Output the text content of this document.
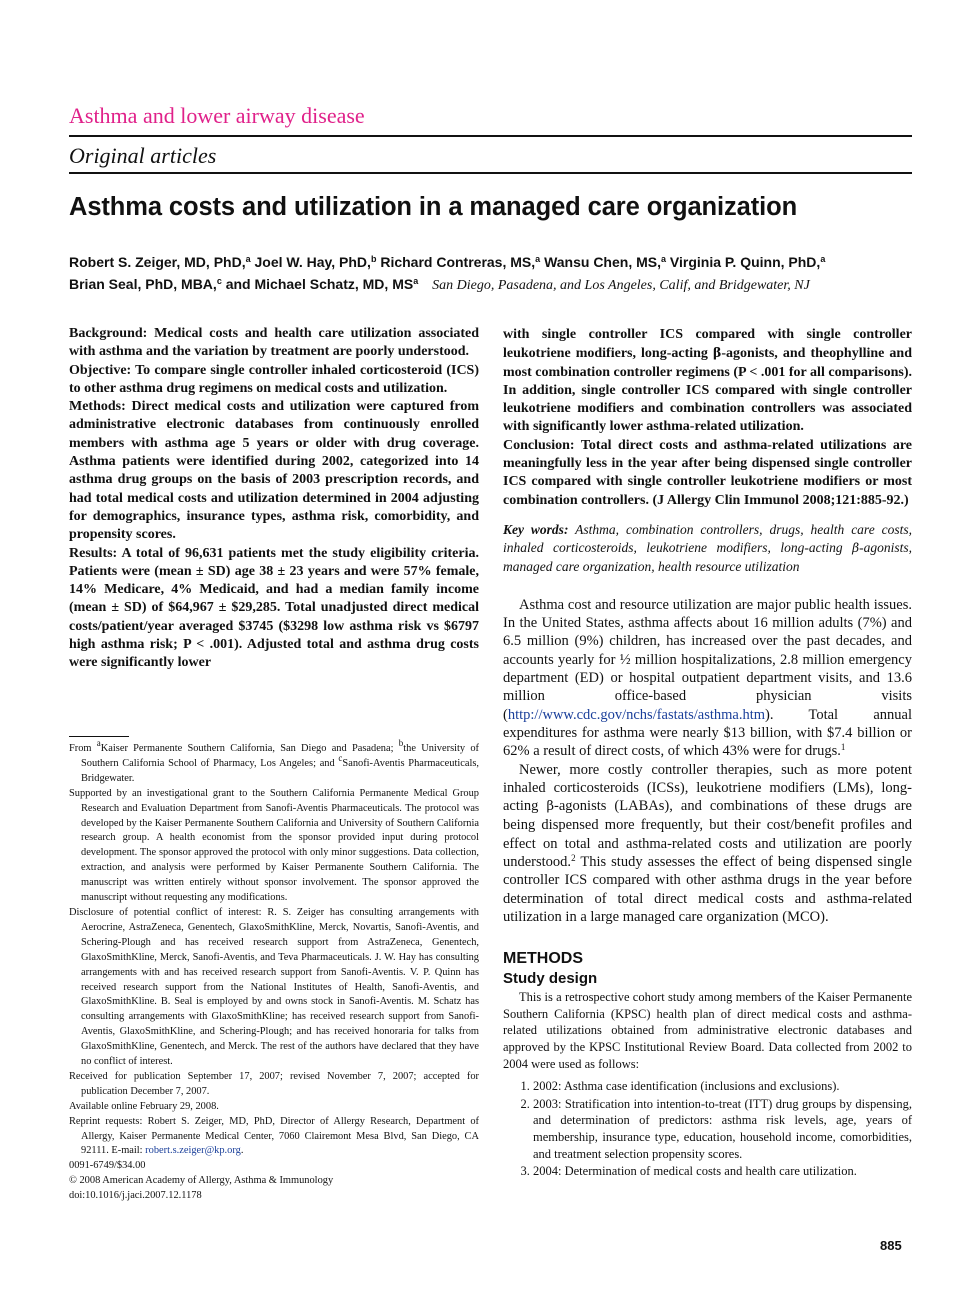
Asthma and lower airway disease
Original articles
Asthma costs and utilization in a managed care organization
Robert S. Zeiger, MD, PhD,$^a$ Joel W. Hay, PhD,$^b$ Richard Contreras, MS,$^a$ Wansu Chen, MS,$^a$ Virginia P. Quinn, PhD,$^a$
Brian Seal, PhD, MBA,$^c$ and Michael Schatz, MD, $MS^a$ San Diego, Pasadena, and Los Angeles, Calif, and Bridgewater, NJ

Background: Medical costs and health care utilization associated with asthma and the variation by treatment are poorly understood.

Objective: To compare single controller inhaled corticosteroid (ICS) to other asthma drug regimens on medical costs and utilization.

Methods: Direct medical costs and utilization were captured from administrative electronic databases from continuously enrolled members with asthma age 5 years or older with drug coverage. Asthma patients were identified during 2002, categorized into 14 asthma drug groups on the basis of 2003 prescription records, and had total medical costs and utilization determined in 2004 adjusting for demographics, insurance types, asthma risk, comorbidity, and propensity scores.

Results: A total of 96,631 patients met the study eligibility criteria. Patients were (mean ± SD) age 38 ± 23 years and were 57% female, 14% Medicare, 4% Medicaid, and had a median family income (mean ± SD) of $64,967 ± $29,285. Total unadjusted direct medical costs/patient/year averaged $3745 ($3298 low asthma risk vs $6797 high asthma risk; P < .001). Adjusted total and asthma drug costs were significantly lower

From $^a$Kaiser Permanente Southern California, San Diego and Pasadena; $^b$the University of Southern California School of Pharmacy, Los Angeles; and $^c$Sanofi-Aventis Pharmaceuticals, Bridgewater.

Supported by an investigational grant to the Southern California Permanente Medical Group Research and Evaluation Department from Sanofi-Aventis Pharmaceuticals. The protocol was developed by the Kaiser Permanente Southern California and University of Southern California research group. A health economist from the sponsor provided input during protocol development. The sponsor approved the protocol with only minor suggestions. Data collection, extraction, and analysis were performed by Kaiser Permanente Southern California. The manuscript was written entirely without sponsor involvement. The sponsor approved the manuscript without requesting any modifications.

Disclosure of potential conflict of interest: R. S. Zeiger has consulting arrangements with Aerocrine, AstraZeneca, Genentech, GlaxoSmithKline, Merck, Novartis, Sanofi-Aventis, and Schering-Plough and has received research support from AstraZeneca, Genentech, GlaxoSmithKline, Merck, Sanofi-Aventis, and Teva Pharmaceuticals. J. W. Hay has consulting arrangements with and has received research support from Sanofi-Aventis. V. P. Quinn has received research support from the National Institutes of Health, Sanofi-Aventis, and GlaxoSmithKline. B. Seal is employed by and owns stock in Sanofi-Aventis. M. Schatz has consulting arrangements with GlaxoSmithKline; has received research support from Sanofi-Aventis, GlaxoSmithKline, and Schering-Plough; and has received honoraria for talks from GlaxoSmithKline, Genentech, and Merck. The rest of the authors have declared that they have no conflict of interest.

Received for publication September 17, 2007; revised November 7, 2007; accepted for publication December 7, 2007.

Available online February 29, 2008.

Reprint requests: Robert S. Zeiger, MD, PhD, Director of Allergy Research, Department of Allergy, Kaiser Permanente Medical Center, 7060 Clairemont Mesa Blvd, San Diego, CA 92111. E-mail: robert.s.zeiger@kp.org.

0091-6749/$34.00

© 2008 American Academy of Allergy, Asthma & Immunology

doi:10.1016/j.jaci.2007.12.1178

with single controller ICS compared with single controller leukotriene modifiers, long-acting β-agonists, and theophylline and most combination controller regimens (P < .001 for all comparisons). In addition, single controller ICS compared with single controller leukotriene modifiers and combination controllers was associated with significantly lower asthma-related utilization.

Conclusion: Total direct costs and asthma-related utilizations are meaningfully less in the year after being dispensed single controller ICS compared with single controller leukotriene modifiers or most combination controllers. (J Allergy Clin Immunol 2008;121:885-92.)

Key words: Asthma, combination controllers, drugs, health care costs, inhaled corticosteroids, leukotriene modifiers, long-acting β-agonists, managed care organization, health resource utilization

Asthma cost and resource utilization are major public health issues. In the United States, asthma affects about 16 million adults (7%) and 6.5 million (9%) children, has increased over the past decades, and accounts yearly for ½ million hospitalizations, 2.8 million emergency department (ED) or hospital outpatient department visits, and 13.6 million office-based physician visits (http://www.cdc.gov/nchs/fastats/asthma.htm). Total annual expenditures for asthma were nearly $13 billion, with $7.4 billion or 62% a result of direct costs, of which 43% were for drugs.$^1$

Newer, more costly controller therapies, such as more potent inhaled corticosteroids (ICSs), leukotriene modifiers (LMs), long-acting β-agonists (LABAs), and combinations of these drugs are being dispensed more frequently, but their cost/benefit profiles and effect on total and asthma-related costs and utilization are poorly understood.$^2$ This study assesses the effect of being dispensed single controller ICS compared with other asthma drugs in the year before determination of total direct medical costs and asthma-related utilization in a large managed care organization (MCO).

METHODS
Study design

This is a retrospective cohort study among members of the Kaiser Permanente Southern California (KPSC) health plan of direct medical costs and asthma-related utilizations obtained from administrative electronic databases and approved by the KPSC Institutional Review Board. Data collected from 2002 to 2004 were used as follows:

1. 2002: Asthma case identification (inclusions and exclusions).
2. 2003: Stratification into intention-to-treat (ITT) drug groups by dispensing, and determination of predictors: asthma risk levels, age, years of membership, insurance type, education, household income, comorbidities, and treatment selection propensity scores.
3. 2004: Determination of medical costs and health care utilization.
885
